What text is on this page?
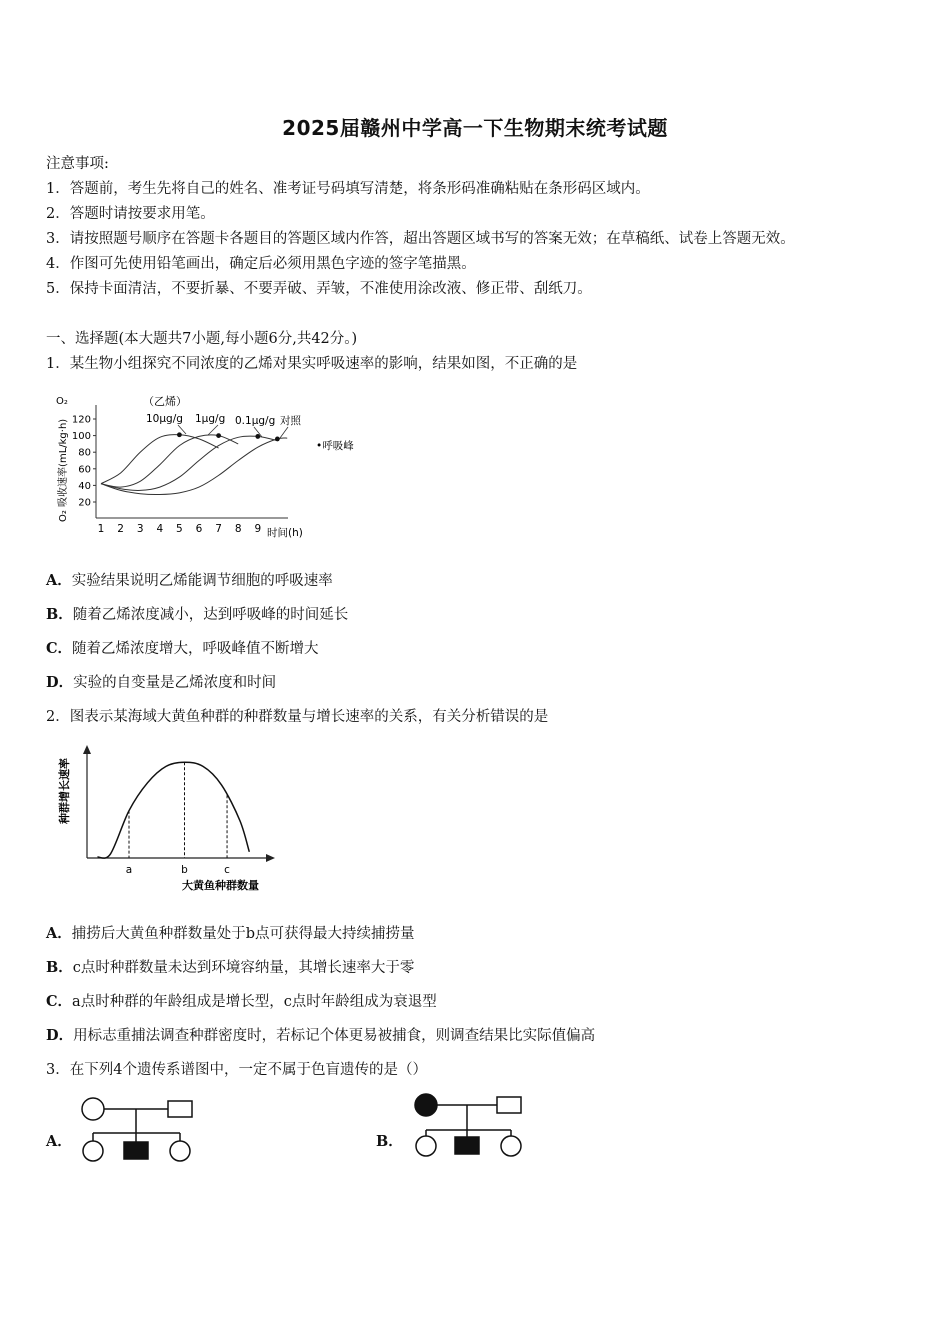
2025届赣州中学高一下生物期末统考试题
注意事项:
1．答题前，考生先将自己的姓名、准考证号码填写清楚，将条形码准确粘贴在条形码区域内。
2．答题时请按要求用笔。
3．请按照题号顺序在答题卡各题目的答题区域内作答，超出答题区域书写的答案无效；在草稿纸、试卷上答题无效。
4．作图可先使用铅笔画出，确定后必须用黑色字迹的签字笔描黑。
5．保持卡面清洁，不要折暴、不要弄破、弄皱，不准使用涂改液、修正带、刮纸刀。
一、选择题(本大题共7小题,每小题6分,共42分。)
1．某生物小组探究不同浓度的乙烯对果实呼吸速率的影响，结果如图，不正确的是
O₂
O₂ 吸收速率(mL/kg·h) 20
40
60
80
100
120
1 2 3 4 5 6 7 8 9
（乙烯）
10μg/g 1μg/g 0.1μg/g 对照
•呼吸峰
时间(h)
A．实验结果说明乙烯能调节细胞的呼吸速率
B．随着乙烯浓度减小，达到呼吸峰的时间延长
C．随着乙烯浓度增大，呼吸峰值不断增大
D．实验的自变量是乙烯浓度和时间
2．图表示某海域大黄鱼种群的种群数量与增长速率的关系，有关分析错误的是
种群增长速率
a	b	c
大黄鱼种群数量
A．捕捞后大黄鱼种群数量处于b点可获得最大持续捕捞量
B．c点时种群数量未达到环境容纳量，其增长速率大于零
C．a点时种群的年龄组成是增长型，c点时年龄组成为衰退型
D．用标志重捕法调查种群密度时，若标记个体更易被捕食，则调查结果比实际值偏高
3．在下列4个遗传系谱图中，一定不属于色盲遗传的是（）
A．	B．
